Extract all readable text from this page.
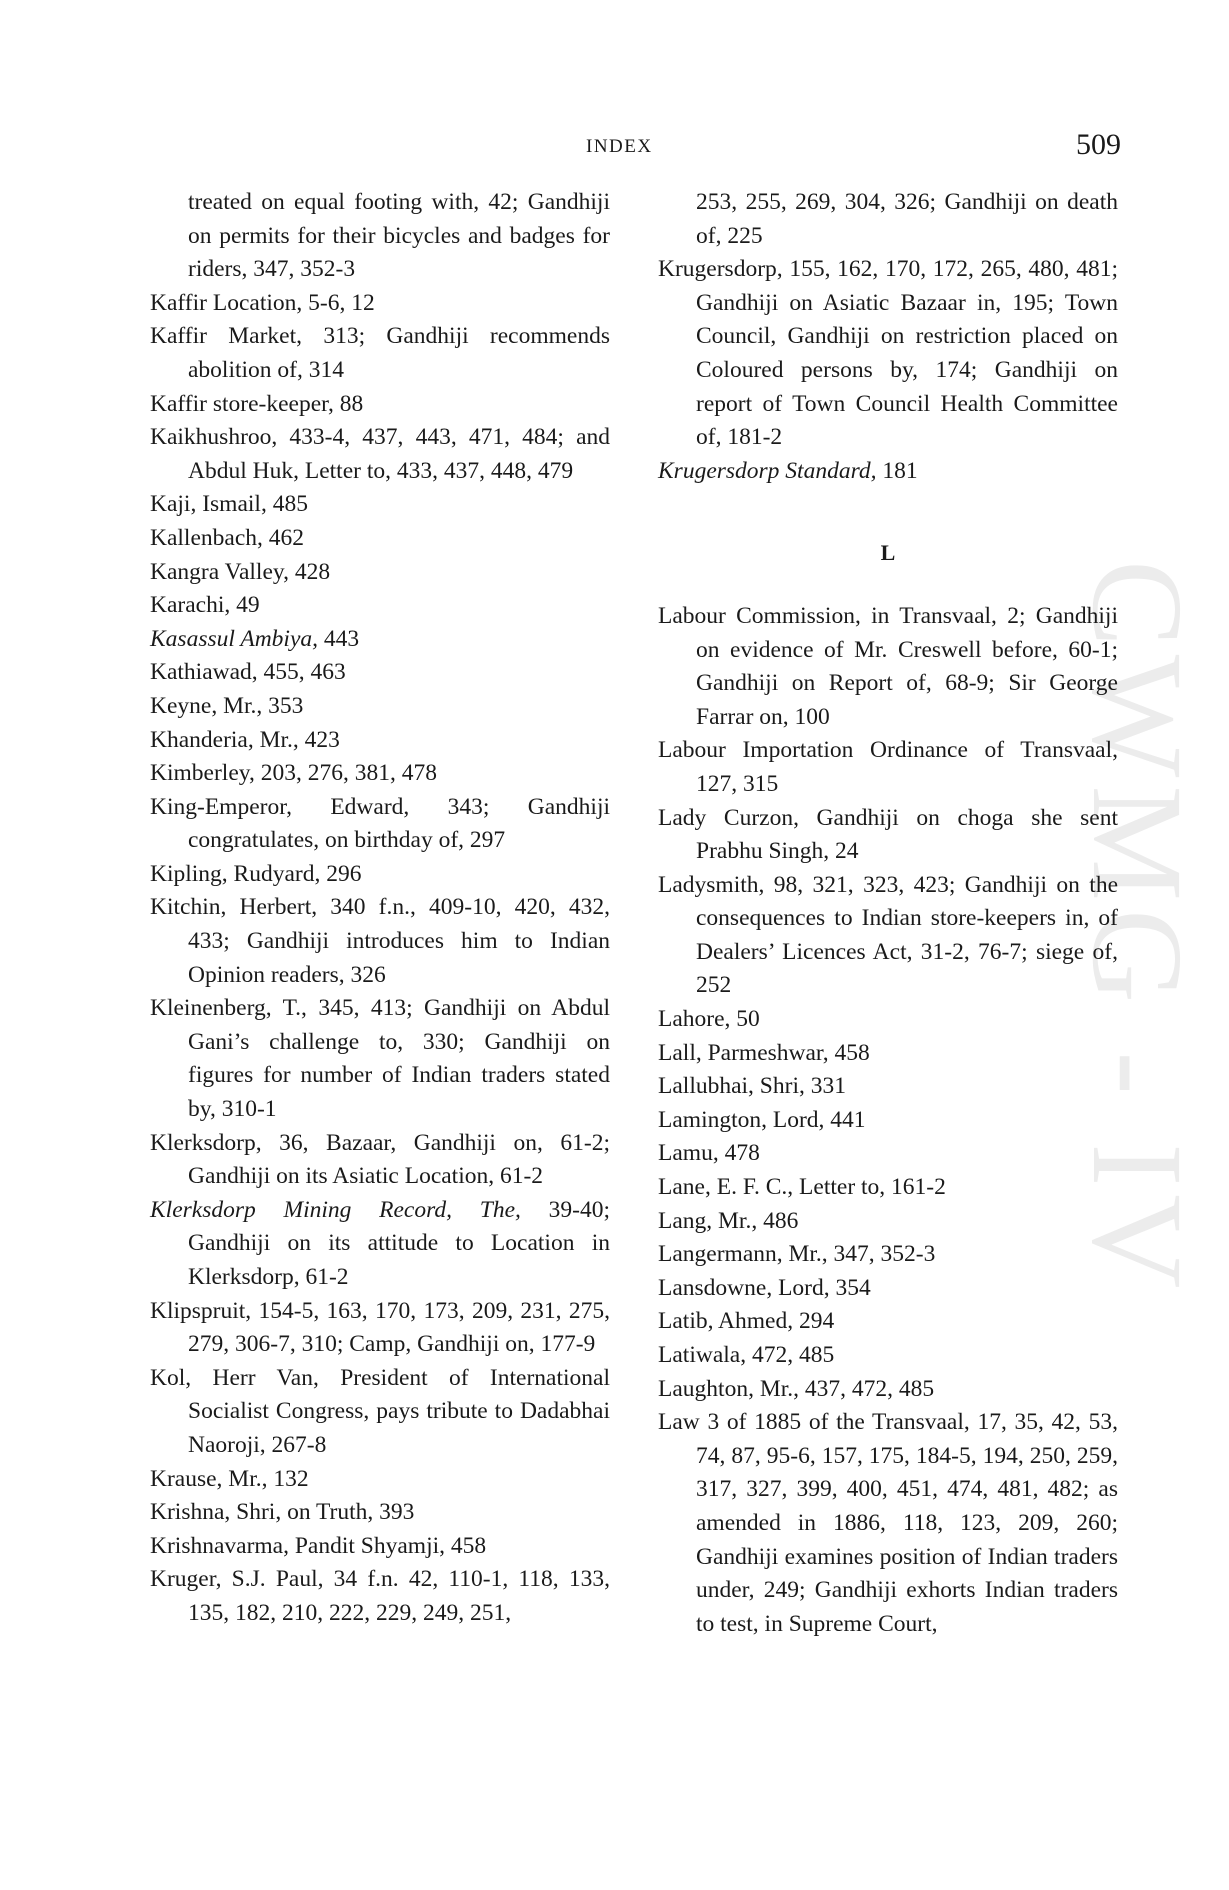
INDEX	509
CWMG - IV
treated on equal footing with, 42; Gandhiji on permits for their bicycles and badges for riders, 347, 352-3
Kaffir Location, 5-6, 12
Kaffir Market, 313; Gandhiji recommends abolition of, 314
Kaffir store-keeper, 88
Kaikhushroo, 433-4, 437, 443, 471, 484; and Abdul Huk, Letter to, 433, 437, 448, 479
Kaji, Ismail, 485
Kallenbach, 462
Kangra Valley, 428
Karachi, 49
Kasassul Ambiya, 443
Kathiawad, 455, 463
Keyne, Mr., 353
Khanderia, Mr., 423
Kimberley, 203, 276, 381, 478
King-Emperor, Edward, 343; Gandhiji congratulates, on birthday of, 297
Kipling, Rudyard, 296
Kitchin, Herbert, 340 f.n., 409-10, 420, 432, 433; Gandhiji introduces him to Indian Opinion readers, 326
Kleinenberg, T., 345, 413; Gandhiji on Abdul Gani’s challenge to, 330; Gandhiji on figures for number of Indian traders stated by, 310-1
Klerksdorp, 36, Bazaar, Gandhiji on, 61-2; Gandhiji on its Asiatic Location, 61-2
Klerksdorp Mining Record, The, 39-40; Gandhiji on its attitude to Location in Klerksdorp, 61-2
Klipspruit, 154-5, 163, 170, 173, 209, 231, 275, 279, 306-7, 310; Camp, Gandhiji on, 177-9
Kol, Herr Van, President of International Socialist Congress, pays tribute to Dadabhai Naoroji, 267-8
Krause, Mr., 132
Krishna, Shri, on Truth, 393
Krishnavarma, Pandit Shyamji, 458
Kruger, S.J. Paul, 34 f.n. 42, 110-1, 118, 133, 135, 182, 210, 222, 229, 249, 251,
253, 255, 269, 304, 326; Gandhiji on death of, 225
Krugersdorp, 155, 162, 170, 172, 265, 480, 481; Gandhiji on Asiatic Bazaar in, 195; Town Council, Gandhiji on restriction placed on Coloured persons by, 174; Gandhiji on report of Town Council Health Committee of, 181-2
Krugersdorp Standard, 181
L
Labour Commission, in Transvaal, 2; Gandhiji on evidence of Mr. Creswell before, 60-1; Gandhiji on Report of, 68-9; Sir George Farrar on, 100
Labour Importation Ordinance of Transvaal, 127, 315
Lady Curzon, Gandhiji on choga she sent Prabhu Singh, 24
Ladysmith, 98, 321, 323, 423; Gandhiji on the consequences to Indian store-keepers in, of Dealers’ Licences Act, 31-2, 76-7; siege of, 252
Lahore, 50
Lall, Parmeshwar, 458
Lallubhai, Shri, 331
Lamington, Lord, 441
Lamu, 478
Lane, E. F. C., Letter to, 161-2
Lang, Mr., 486
Langermann, Mr., 347, 352-3
Lansdowne, Lord, 354
Latib, Ahmed, 294
Latiwala, 472, 485
Laughton, Mr., 437, 472, 485
Law 3 of 1885 of the Transvaal, 17, 35, 42, 53, 74, 87, 95-6, 157, 175, 184-5, 194, 250, 259, 317, 327, 399, 400, 451, 474, 481, 482; as amended in 1886, 118, 123, 209, 260; Gandhiji examines position of Indian traders under, 249; Gandhiji exhorts Indian traders to test, in Supreme Court,
